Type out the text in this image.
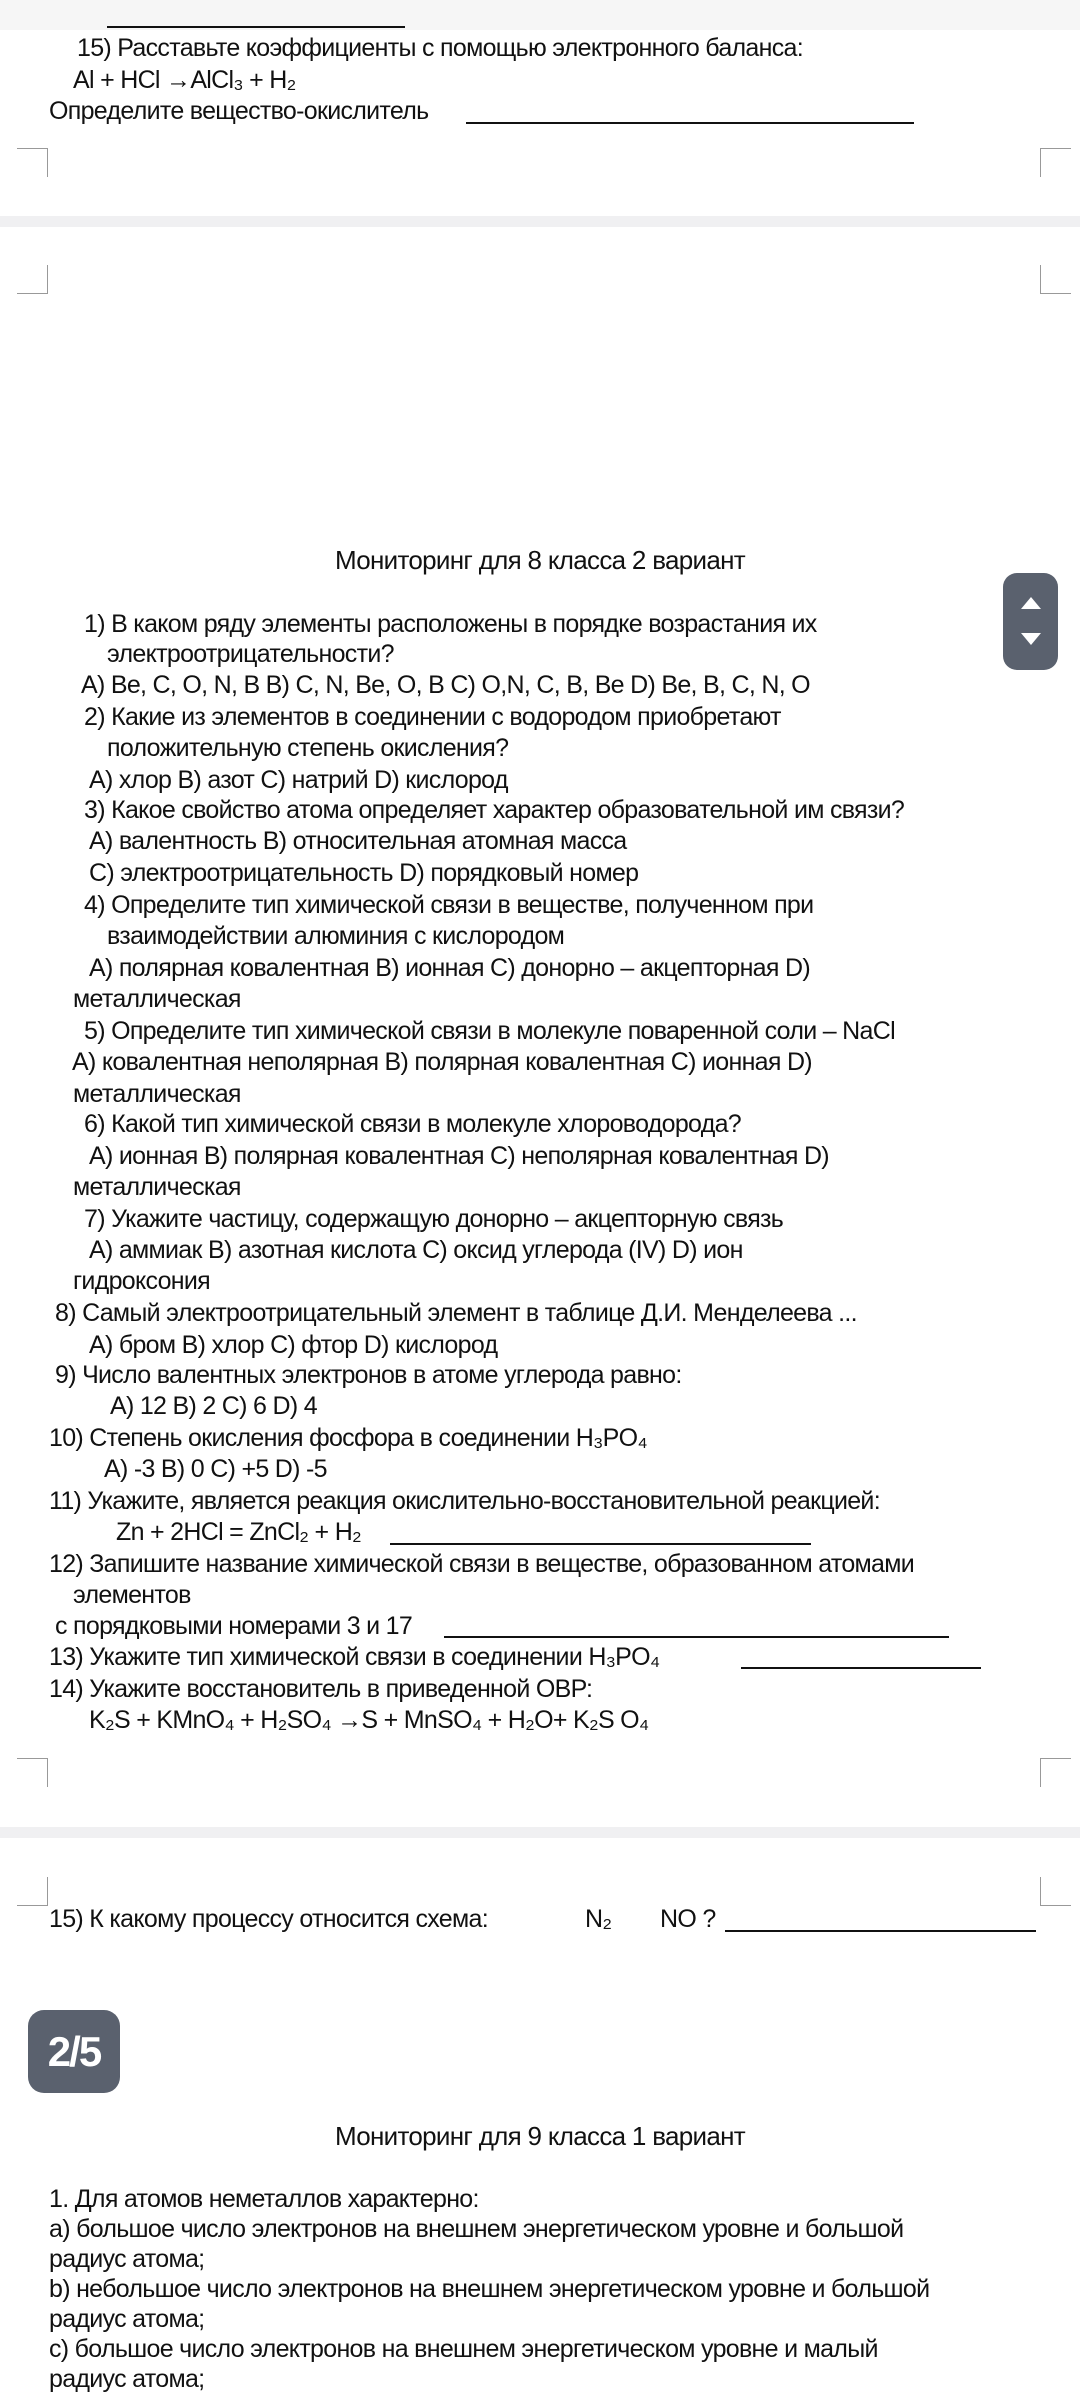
15) Расставьте коэффициенты с помощью электронного баланса:
Al + HCl →AlCl₃ + H₂
Определите вещество-окислитель
Мониторинг для 8 класса 2 вариант
1) В каком ряду элементы расположены в порядке возрастания их
электроотрицательности?
A) Be, C, O, N, B B) C, N, Be, O, B C) O,N, C, B, Be D) Be, B, C, N, O
2) Какие из элементов в соединении с водородом приобретают
положительную степень окисления?
A) хлор B) азот C) натрий D) кислород
3) Какое свойство атома определяет характер образовательной им связи?
A) валентность B) относительная атомная масса
C) электроотрицательность D) порядковый номер
4) Определите тип химической связи в веществе, полученном при
взаимодействии алюминия с кислородом
A) полярная ковалентная B) ионная C) донорно – акцепторная D)
металлическая
5) Определите тип химической связи в молекуле поваренной соли – NaCl
A) ковалентная неполярная B) полярная ковалентная C) ионная D)
металлическая
6) Какой тип химической связи в молекуле хлороводорода?
A) ионная B) полярная ковалентная C) неполярная ковалентная D)
металлическая
7) Укажите частицу, содержащую донорно – акцепторную связь
A) аммиак B) азотная кислота C) оксид углерода (IV) D) ион
гидроксония
8) Самый электроотрицательный элемент в таблице Д.И. Менделеева ...
A) бром B) хлор C) фтор D) кислород
9) Число валентных электронов в атоме углерода равно:
A) 12 B) 2 C) 6 D) 4
10) Степень окисления фосфора в соединении H₃PO₄
A) -3 B) 0 C) +5 D) -5
11) Укажите, является реакция окислительно-восстановительной реакцией:
Zn + 2HCl = ZnCl₂ + H₂
12) Запишите название химической связи в веществе, образованном атомами
элементов
с порядковыми номерами 3 и 17
13) Укажите тип химической связи в соединении H₃PO₄
14) Укажите восстановитель в приведенной ОВР:
K₂S + KMnO₄ + H₂SO₄ →S + MnSO₄ + H₂O+ K₂S O₄
15) К какому процессу относится схема:	N₂ NO ?
Мониторинг для 9 класса 1 вариант
1. Для атомов неметаллов характерно:
а) большое число электронов на внешнем энергетическом уровне и большой
радиус атома;
b) небольшое число электронов на внешнем энергетическом уровне и большой
радиус атома;
c) большое число электронов на внешнем энергетическом уровне и малый
радиус атома;
2/5
